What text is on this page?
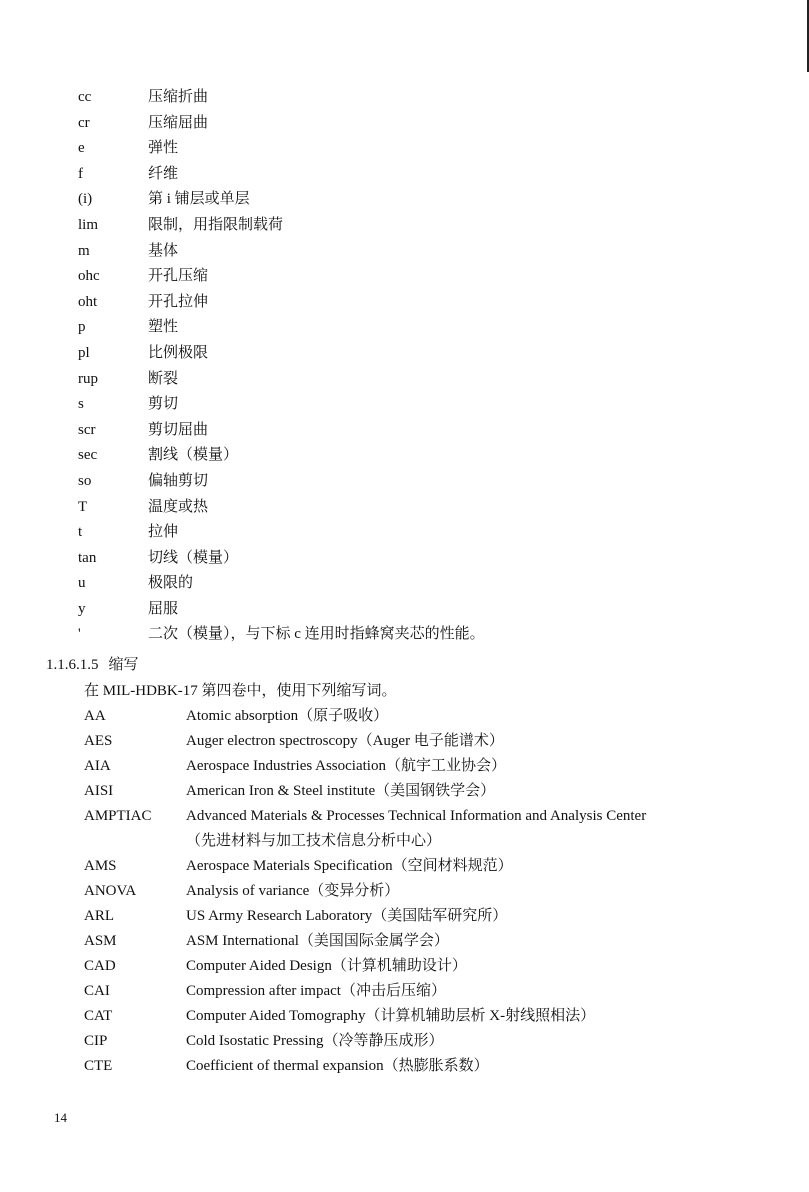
cc	压缩折曲
cr	压缩屈曲
e	弹性
f	纤维
(i)	第 i 铺层或单层
lim	限制，用指限制载荷
m	基体
ohc	开孔压缩
oht	开孔拉伸
p	塑性
pl	比例极限
rup	断裂
s	剪切
scr	剪切屈曲
sec	割线（模量）
so	偏轴剪切
T	温度或热
t	拉伸
tan	切线（模量）
u	极限的
y	屈服
'	二次（模量），与下标 c 连用时指蜂窝夹芯的性能。
1.1.6.1.5 缩写
在 MIL-HDBK-17 第四卷中，使用下列缩写词。
AA	Atomic absorption（原子吸收）
AES	Auger electron spectroscopy（Auger 电子能谱术）
AIA	Aerospace Industries Association（航宇工业协会）
AISI	American Iron & Steel institute（美国钢铁学会）
AMPTIAC Advanced Materials & Processes Technical Information and Analysis Center
（先进材料与加工技术信息分析中心）
AMS	Aerospace Materials Specification（空间材料规范）
ANOVA	Analysis of variance（变异分析）
ARL	US Army Research Laboratory（美国陆军研究所）
ASM	ASM International（美国国际金属学会）
CAD	Computer Aided Design（计算机辅助设计）
CAI	Compression after impact（冲击后压缩）
CAT	Computer Aided Tomography（计算机辅助层析 X-射线照相法）
CIP	Cold Isostatic Pressing（冷等静压成形）
CTE	Coefficient of thermal expansion（热膨胀系数）
14
